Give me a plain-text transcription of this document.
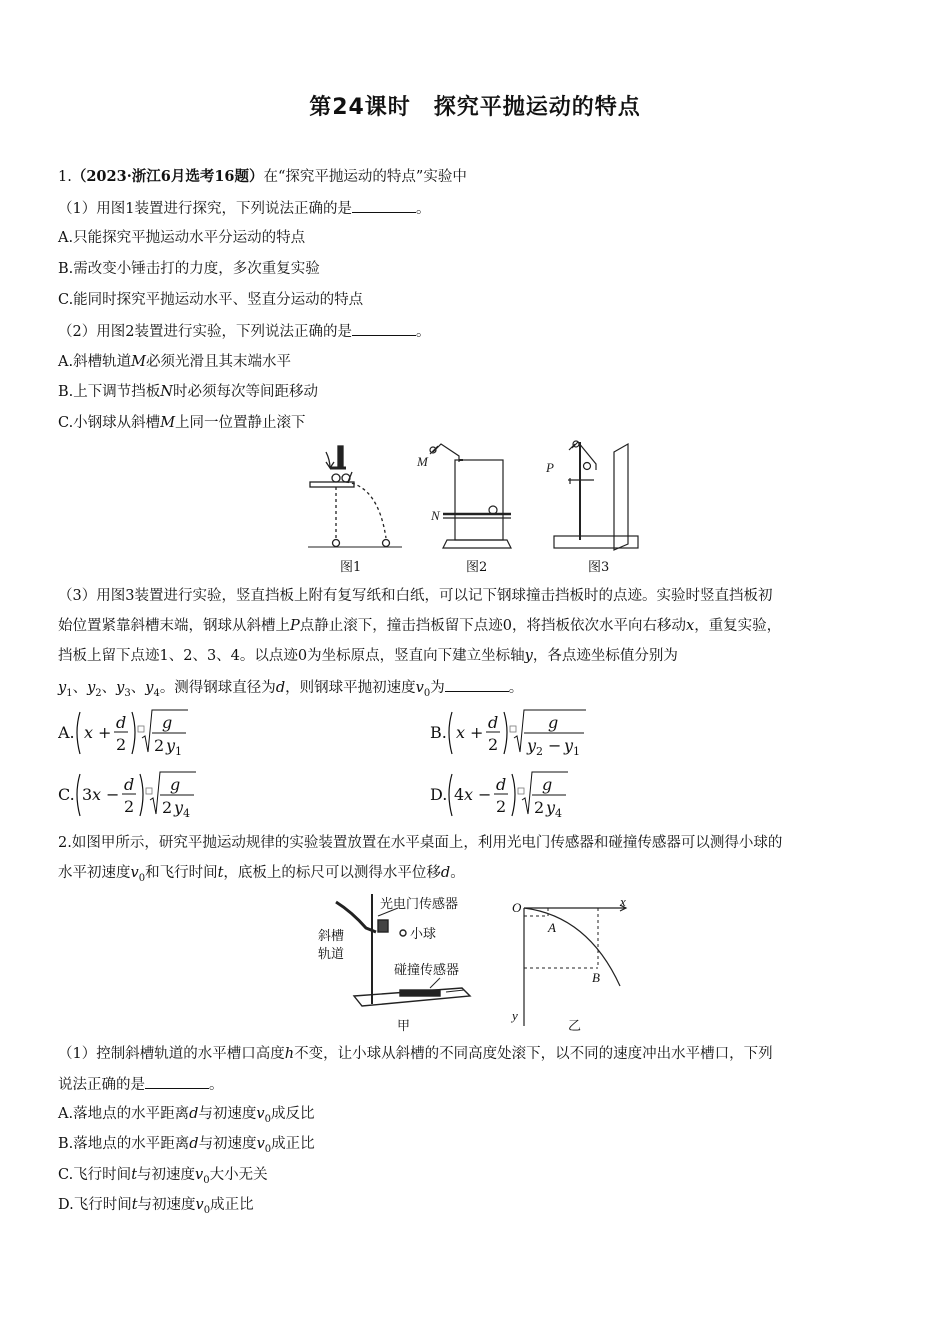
第24课时　探究平抛运动的特点
1.（2023·浙江6月选考16题）在“探究平抛运动的特点”实验中
（1）用图1装置进行探究，下列说法正确的是	。
A.只能探究平抛运动水平分运动的特点
B.需改变小锤击打的力度，多次重复实验
C.能同时探究平抛运动水平、竖直分运动的特点
（2）用图2装置进行实验，下列说法正确的是	。
A.斜槽轨道M必须光滑且其末端水平
B.上下调节挡板N时必须每次等间距移动
C.小钢球从斜槽M上同一位置静止滚下
图1
M
N
图2
P
图3
（3）用图3装置进行实验，竖直挡板上附有复写纸和白纸，可以记下钢球撞击挡板时的点迹。实验时竖直挡板初
始位置紧靠斜槽末端，钢球从斜槽上P点静止滚下，撞击挡板留下点迹0，将挡板依次水平向右移动x，重复实验，
挡板上留下点迹1、2、3、4。以点迹0为坐标原点，竖直向下建立坐标轴y，各点迹坐标值分别为
$y_1$、$y_2$、$y_3$、$y_4$。测得钢球直径为d，则钢球平抛初速度$v_0$为	。
A. x +
d
2
g
2 y 1
B. x +
d
2
g
y 2 − y 1
C. 3 x −
d
2
g
2 y 4
D. 4 x −
d
2
g
2 y 4
2.如图甲所示，研究平抛运动规律的实验装置放置在水平桌面上，利用光电门传感器和碰撞传感器可以测得小球的
水平初速度$v_0$和飞行时间t，底板上的标尺可以测得水平位移d。
光电门传感器
小球
斜槽
轨道
碰撞传感器
甲
O	x
y
A
B
乙
（1）控制斜槽轨道的水平槽口高度h不变，让小球从斜槽的不同高度处滚下，以不同的速度冲出水平槽口，下列
说法正确的是	。
A.落地点的水平距离d与初速度$v_0$成反比
B.落地点的水平距离d与初速度$v_0$成正比
C.飞行时间t与初速度$v_0$大小无关
D.飞行时间t与初速度$v_0$成正比
